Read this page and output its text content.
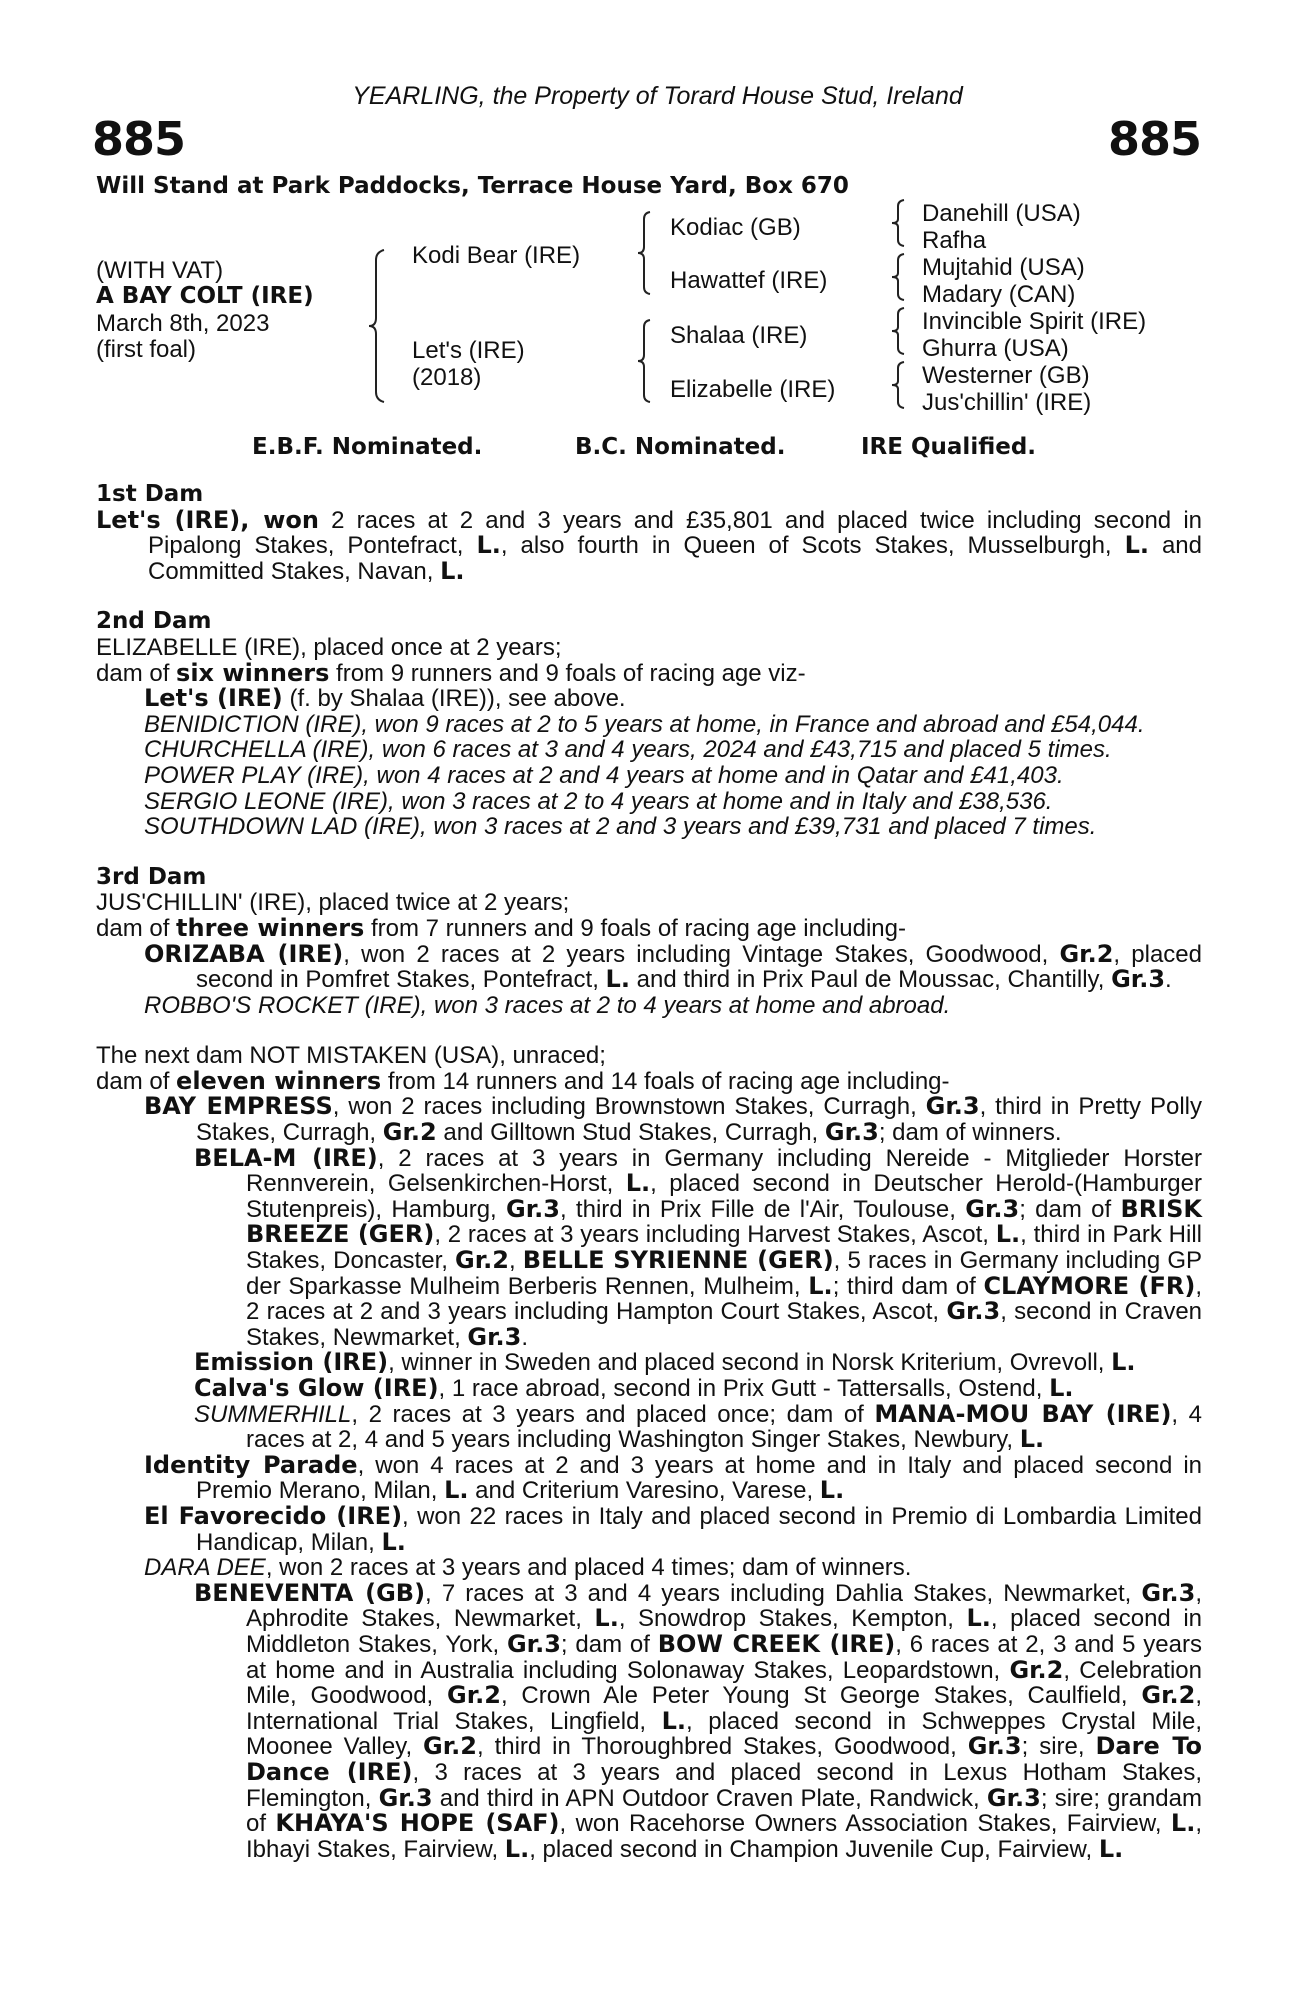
YEARLING, the Property of Torard House Stud, Ireland
885	885
Will Stand at Park Paddocks, Terrace House Yard, Box 670
(WITH VAT)
A BAY COLT (IRE)
March 8th, 2023
(first foal)
Kodi Bear (IRE)
Let's (IRE)
(2018)
Kodiac (GB)
Hawattef (IRE)
Shalaa (IRE)
Elizabelle (IRE)
Danehill (USA)
Rafha
Mujtahid (USA)
Madary (CAN)
Invincible Spirit (IRE)
Ghurra (USA)
Westerner (GB)
Jus'chillin' (IRE)
E.B.F. Nominated.	B.C. Nominated.	IRE Qualified.

1st Dam

Let's (IRE), won 2 races at 2 and 3 years and £35,801 and placed twice including second in Pipalong Stakes, Pontefract, L., also fourth in Queen of Scots Stakes, Musselburgh, L. and Committed Stakes, Navan, L.

2nd Dam

ELIZABELLE (IRE), placed once at 2 years;

dam of six winners from 9 runners and 9 foals of racing age viz-

Let's (IRE) (f. by Shalaa (IRE)), see above.

BENIDICTION (IRE), won 9 races at 2 to 5 years at home, in France and abroad and £54,044.

CHURCHELLA (IRE), won 6 races at 3 and 4 years, 2024 and £43,715 and placed 5 times.

POWER PLAY (IRE), won 4 races at 2 and 4 years at home and in Qatar and £41,403.

SERGIO LEONE (IRE), won 3 races at 2 to 4 years at home and in Italy and £38,536.

SOUTHDOWN LAD (IRE), won 3 races at 2 and 3 years and £39,731 and placed 7 times.

3rd Dam

JUS'CHILLIN' (IRE), placed twice at 2 years;

dam of three winners from 7 runners and 9 foals of racing age including-

ORIZABA (IRE), won 2 races at 2 years including Vintage Stakes, Goodwood, Gr.2, placed second in Pomfret Stakes, Pontefract, L. and third in Prix Paul de Moussac, Chantilly, Gr.3.

ROBBO'S ROCKET (IRE), won 3 races at 2 to 4 years at home and abroad.

The next dam NOT MISTAKEN (USA), unraced;

dam of eleven winners from 14 runners and 14 foals of racing age including-

BAY EMPRESS, won 2 races including Brownstown Stakes, Curragh, Gr.3, third in Pretty Polly Stakes, Curragh, Gr.2 and Gilltown Stud Stakes, Curragh, Gr.3; dam of winners.

BELA-M (IRE), 2 races at 3 years in Germany including Nereide - Mitglieder Horster Rennverein, Gelsenkirchen-Horst, L., placed second in Deutscher Herold-(Hamburger Stutenpreis), Hamburg, Gr.3, third in Prix Fille de l'Air, Toulouse, Gr.3; dam of BRISK BREEZE (GER), 2 races at 3 years including Harvest Stakes, Ascot, L., third in Park Hill Stakes, Doncaster, Gr.2, BELLE SYRIENNE (GER), 5 races in Germany including GP der Sparkasse Mulheim Berberis Rennen, Mulheim, L.; third dam of CLAYMORE (FR), 2 races at 2 and 3 years including Hampton Court Stakes, Ascot, Gr.3, second in Craven Stakes, Newmarket, Gr.3.

Emission (IRE), winner in Sweden and placed second in Norsk Kriterium, Ovrevoll, L.

Calva's Glow (IRE), 1 race abroad, second in Prix Gutt - Tattersalls, Ostend, L.

SUMMERHILL, 2 races at 3 years and placed once; dam of MANA-MOU BAY (IRE), 4 races at 2, 4 and 5 years including Washington Singer Stakes, Newbury, L.

Identity Parade, won 4 races at 2 and 3 years at home and in Italy and placed second in Premio Merano, Milan, L. and Criterium Varesino, Varese, L.

El Favorecido (IRE), won 22 races in Italy and placed second in Premio di Lombardia Limited Handicap, Milan, L.

DARA DEE, won 2 races at 3 years and placed 4 times; dam of winners.

BENEVENTA (GB), 7 races at 3 and 4 years including Dahlia Stakes, Newmarket, Gr.3, Aphrodite Stakes, Newmarket, L., Snowdrop Stakes, Kempton, L., placed second in Middleton Stakes, York, Gr.3; dam of BOW CREEK (IRE), 6 races at 2, 3 and 5 years at home and in Australia including Solonaway Stakes, Leopardstown, Gr.2, Celebration Mile, Goodwood, Gr.2, Crown Ale Peter Young St George Stakes, Caulfield, Gr.2, International Trial Stakes, Lingfield, L., placed second in Schweppes Crystal Mile, Moonee Valley, Gr.2, third in Thoroughbred Stakes, Goodwood, Gr.3; sire, Dare To Dance (IRE), 3 races at 3 years and placed second in Lexus Hotham Stakes, Flemington, Gr.3 and third in APN Outdoor Craven Plate, Randwick, Gr.3; sire; grandam of KHAYA'S HOPE (SAF), won Racehorse Owners Association Stakes, Fairview, L., Ibhayi Stakes, Fairview, L., placed second in Champion Juvenile Cup, Fairview, L.
